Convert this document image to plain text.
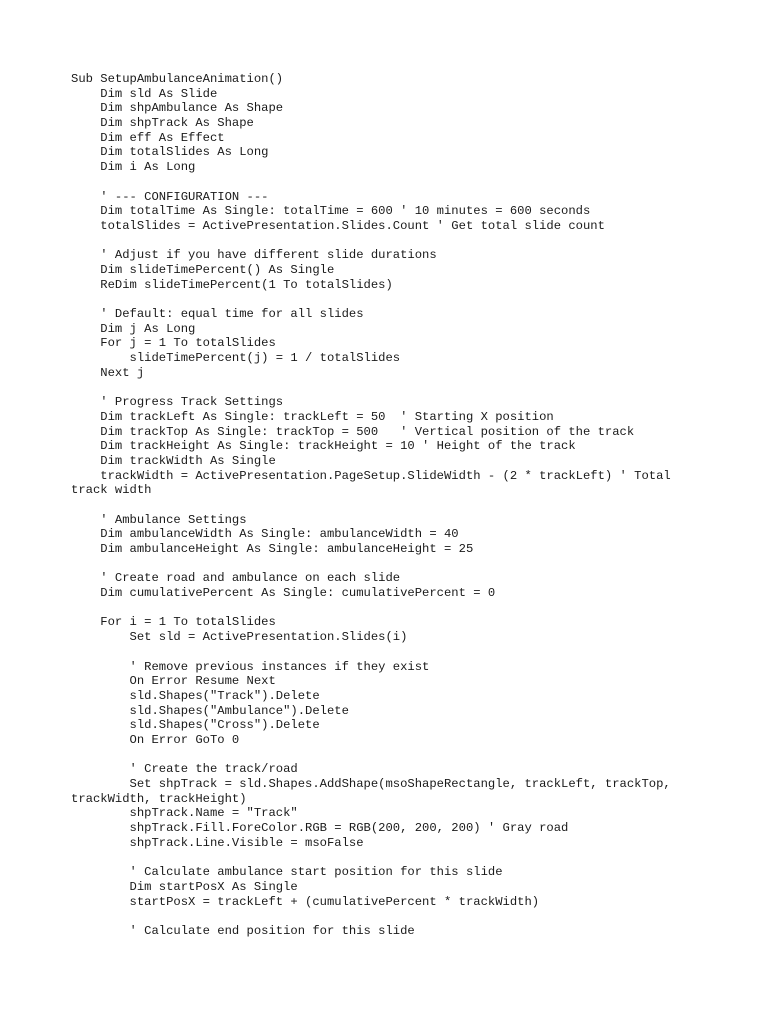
Sub SetupAmbulanceAnimation()
Dim sld As Slide
Dim shpAmbulance As Shape
Dim shpTrack As Shape
Dim eff As Effect
Dim totalSlides As Long
Dim i As Long
' --- CONFIGURATION ---
Dim totalTime As Single: totalTime = 600 ' 10 minutes = 600 seconds
totalSlides = ActivePresentation.Slides.Count ' Get total slide count
' Adjust if you have different slide durations
Dim slideTimePercent() As Single
ReDim slideTimePercent(1 To totalSlides)
' Default: equal time for all slides
Dim j As Long
For j = 1 To totalSlides
slideTimePercent(j) = 1 / totalSlides
Next j
' Progress Track Settings
Dim trackLeft As Single: trackLeft = 50  ' Starting X position
Dim trackTop As Single: trackTop = 500   ' Vertical position of the track
Dim trackHeight As Single: trackHeight = 10 ' Height of the track
Dim trackWidth As Single
trackWidth = ActivePresentation.PageSetup.SlideWidth - (2 * trackLeft) ' Total
track width
' Ambulance Settings
Dim ambulanceWidth As Single: ambulanceWidth = 40
Dim ambulanceHeight As Single: ambulanceHeight = 25
' Create road and ambulance on each slide
Dim cumulativePercent As Single: cumulativePercent = 0
For i = 1 To totalSlides
Set sld = ActivePresentation.Slides(i)
' Remove previous instances if they exist
On Error Resume Next
sld.Shapes("Track").Delete
sld.Shapes("Ambulance").Delete
sld.Shapes("Cross").Delete
On Error GoTo 0
' Create the track/road
Set shpTrack = sld.Shapes.AddShape(msoShapeRectangle, trackLeft, trackTop,
trackWidth, trackHeight)
shpTrack.Name = "Track"
shpTrack.Fill.ForeColor.RGB = RGB(200, 200, 200) ' Gray road
shpTrack.Line.Visible = msoFalse
' Calculate ambulance start position for this slide
Dim startPosX As Single
startPosX = trackLeft + (cumulativePercent * trackWidth)
' Calculate end position for this slide
